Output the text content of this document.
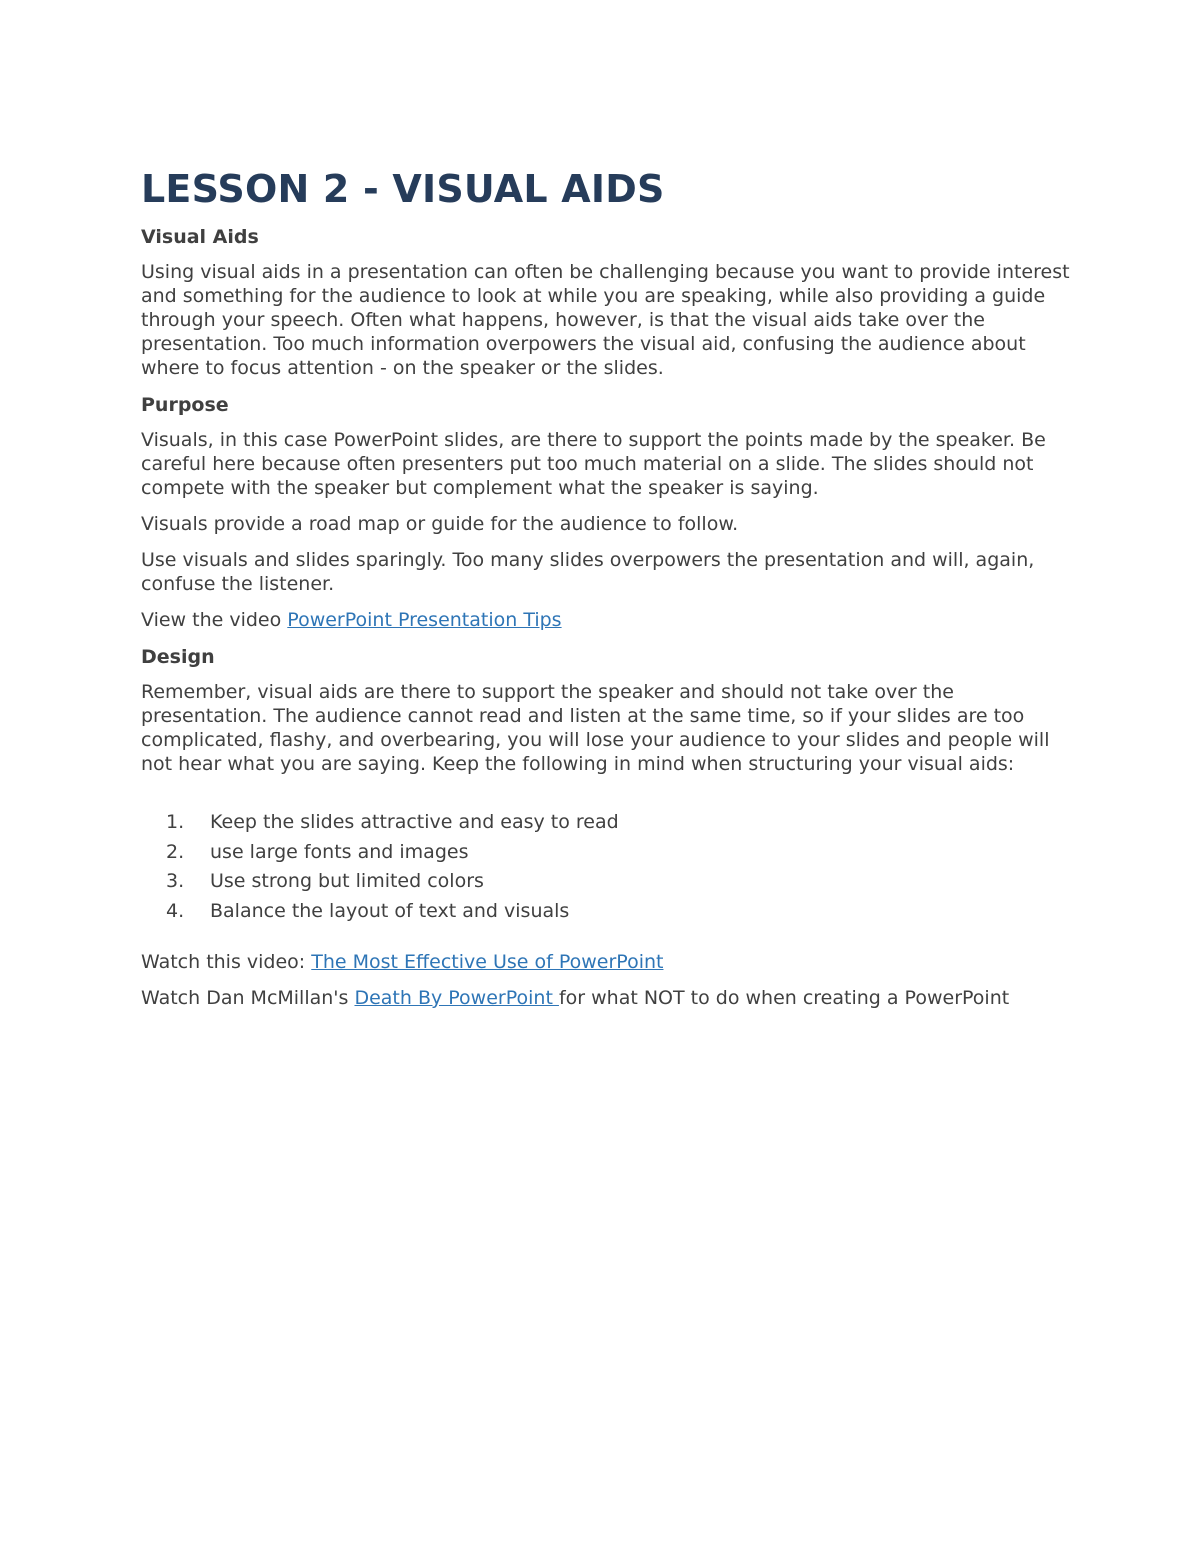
LESSON 2 - VISUAL AIDS
Visual Aids

Using visual aids in a presentation can often be challenging because you want to provide interest and something for the audience to look at while you are speaking, while also providing a guide through your speech. Often what happens, however, is that the visual aids take over the presentation. Too much information overpowers the visual aid, confusing the audience about where to focus attention - on the speaker or the slides.

Purpose

Visuals, in this case PowerPoint slides, are there to support the points made by the speaker. Be careful here because often presenters put too much material on a slide. The slides should not compete with the speaker but complement what the speaker is saying.

Visuals provide a road map or guide for the audience to follow.

Use visuals and slides sparingly. Too many slides overpowers the presentation and will, again, confuse the listener.

View the video PowerPoint Presentation Tips

Design

Remember, visual aids are there to support the speaker and should not take over the presentation. The audience cannot read and listen at the same time, so if your slides are too complicated, flashy, and overbearing, you will lose your audience to your slides and people will not hear what you are saying. Keep the following in mind when structuring your visual aids:

1.	Keep the slides attractive and easy to read
2.	use large fonts and images
3.	Use strong but limited colors
4.	Balance the layout of text and visuals

Watch this video: The Most Effective Use of PowerPoint

Watch Dan McMillan's Death By PowerPoint for what NOT to do when creating a PowerPoint
